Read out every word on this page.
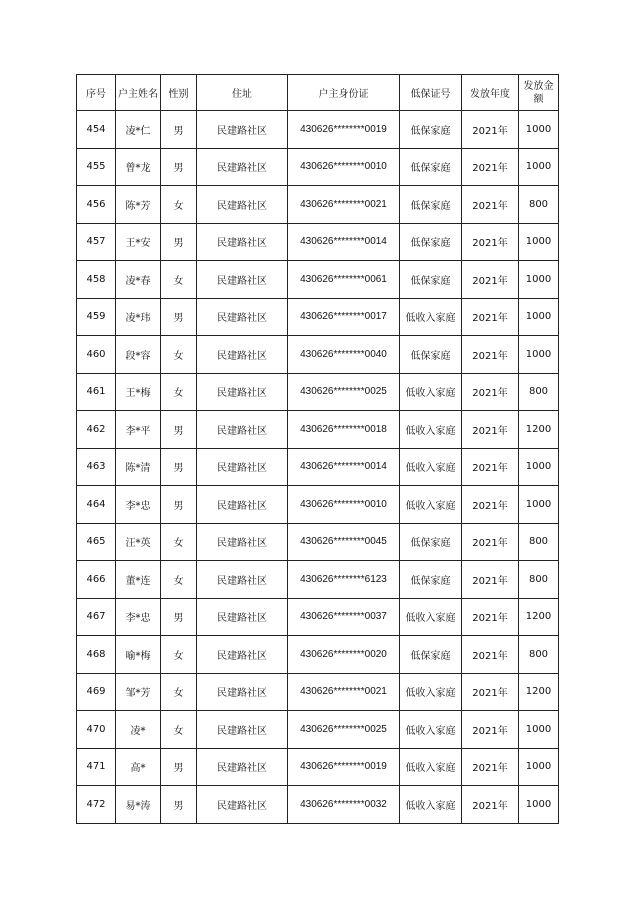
序号	户主姓名	性别	住址	户主身份证	低保证号	发放年度	发放金额
454	凌*仁	男	民建路社区	430626********0019	低保家庭	2021年	1000
455	曾*龙	男	民建路社区	430626********0010	低保家庭	2021年	1000
456	陈*芳	女	民建路社区	430626********0021	低保家庭	2021年	800
457	王*安	男	民建路社区	430626********0014	低保家庭	2021年	1000
458	凌*春	女	民建路社区	430626********0061	低保家庭	2021年	1000
459	凌*玮	男	民建路社区	430626********0017	低收入家庭	2021年	1000
460	段*容	女	民建路社区	430626********0040	低保家庭	2021年	1000
461	王*梅	女	民建路社区	430626********0025	低收入家庭	2021年	800
462	李*平	男	民建路社区	430626********0018	低收入家庭	2021年	1200
463	陈*清	男	民建路社区	430626********0014	低收入家庭	2021年	1000
464	李*忠	男	民建路社区	430626********0010	低收入家庭	2021年	1000
465	汪*英	女	民建路社区	430626********0045	低保家庭	2021年	800
466	董*连	女	民建路社区	430626********6123	低保家庭	2021年	800
467	李*忠	男	民建路社区	430626********0037	低收入家庭	2021年	1200
468	喻*梅	女	民建路社区	430626********0020	低保家庭	2021年	800
469	邹*芳	女	民建路社区	430626********0021	低收入家庭	2021年	1200
470	凌*	女	民建路社区	430626********0025	低收入家庭	2021年	1000
471	高*	男	民建路社区	430626********0019	低收入家庭	2021年	1000
472	易*涛	男	民建路社区	430626********0032	低收入家庭	2021年	1000
